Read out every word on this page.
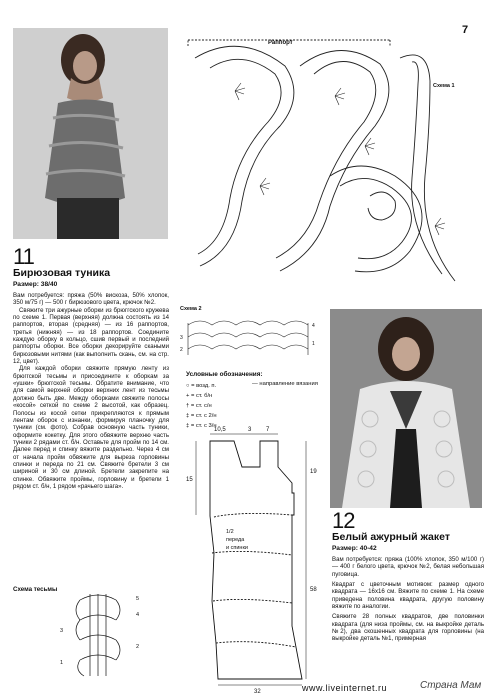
7
11
Бирюзовая туника
Размер: 38/40

Вам потребуется: пряжа (50% вискоза, 50% хлопок, 350 м/75 г) — 500 г бирюзового цвета, крючок №2.

Свяжите три ажурные оборки из брюггского кружева по схеме 1. Первая (верхняя) должна состоять из 14 раппортов, вторая (средняя) — из 16 раппортов, третья (нижняя) — из 18 раппортов. Соедините каждую оборку в кольцо, сшив первый и последний раппорты оборки. Все оборки декорируйте скаными бирюзовыми нитями (как выполнить скань, см. на стр. 12, цвет).

Для каждой оборки свяжите прямую ленту из брюггской тесьмы и присоедините к оборкам за «ушки» брюггской тесьмы. Обратите внимание, что для самой верхней оборки верхних лент из тесьмы должно быть две. Между оборками свяжите полосы «косой» сеткой по схеме 2 высотой, как образец. Полосы из косой сетки прикрепляются к прямым лентам оборок с изнанки, формируя планочку для туники (см. фото). Собрав основную часть туники, оформите кокетку. Для этого обвяжите верхню часть туники 2 рядами ст. б/н. Оставьте для пройм по 14 см. Далее перед и спинку вяжите раздельно. Через 4 см от начала пройм обвяжите для выреза горловины спинки и переда по 21 см. Свяжите бретели 3 см шириной и 30 см длиной. Бретели закрепите на спинке. Обвяжите проймы, горловину и бретели 1 рядом ст. б/н, 1 рядом «рачьего шага».

Схема тесьмы
5
4
3
2
1
Раппорт
Схема 1
Схема 2
3
2
4
1
Условные обозначения:
○ = возд. п.
+ = ст. б/н
† = ст. с/н
‡ = ст. с 2/н
‡ = ст. с 3/н
— направление вязания
10,5	3 7
15
19
58
32
1/2
переда
и спинки
12
Белый ажурный жакет
Размер: 40-42

Вам потребуется: пряжа (100% хлопок, 350 м/100 г) — 400 г белого цвета, крючок №2, белая небольшая пуговица.

Квадрат с цветочным мотивом: размер одного квадрата — 16x16 см. Вяжите по схеме 1. На схеме приведена половина квадрата, другую половину вяжите по аналогии.

Свяжите 28 полных квадратов, две половинки квадрата (для низа проймы, см. на выкройке деталь №2), два скошенных квадрата для горловины (на выкройке деталь №1, примерная

www.liveinternet.ru	Страна Мам
